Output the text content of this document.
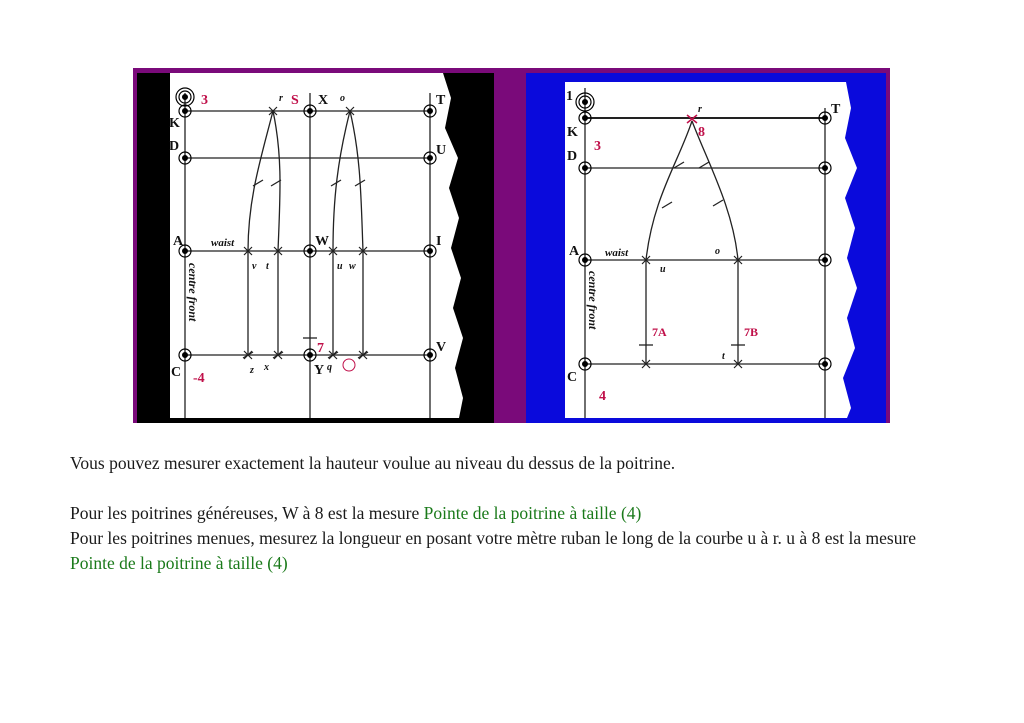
3
K
D
r S X o	T
U
A	waist	W	I
v t	u w
centre front
C -4
z x
7
Y q
V
1
K
D
3
r
8
T
A waist	o
u
centre front
7A	7B
t
C
4

Vous pouvez mesurer exactement la hauteur voulue au niveau du dessus de la poitrine.

Pour les poitrines généreuses, W à 8 est la mesure Pointe de la poitrine à taille (4)

Pour les poitrines menues, mesurez la longueur en posant votre mètre ruban le long de la courbe u à r. u à 8 est la mesure Pointe de la poitrine à taille (4)
